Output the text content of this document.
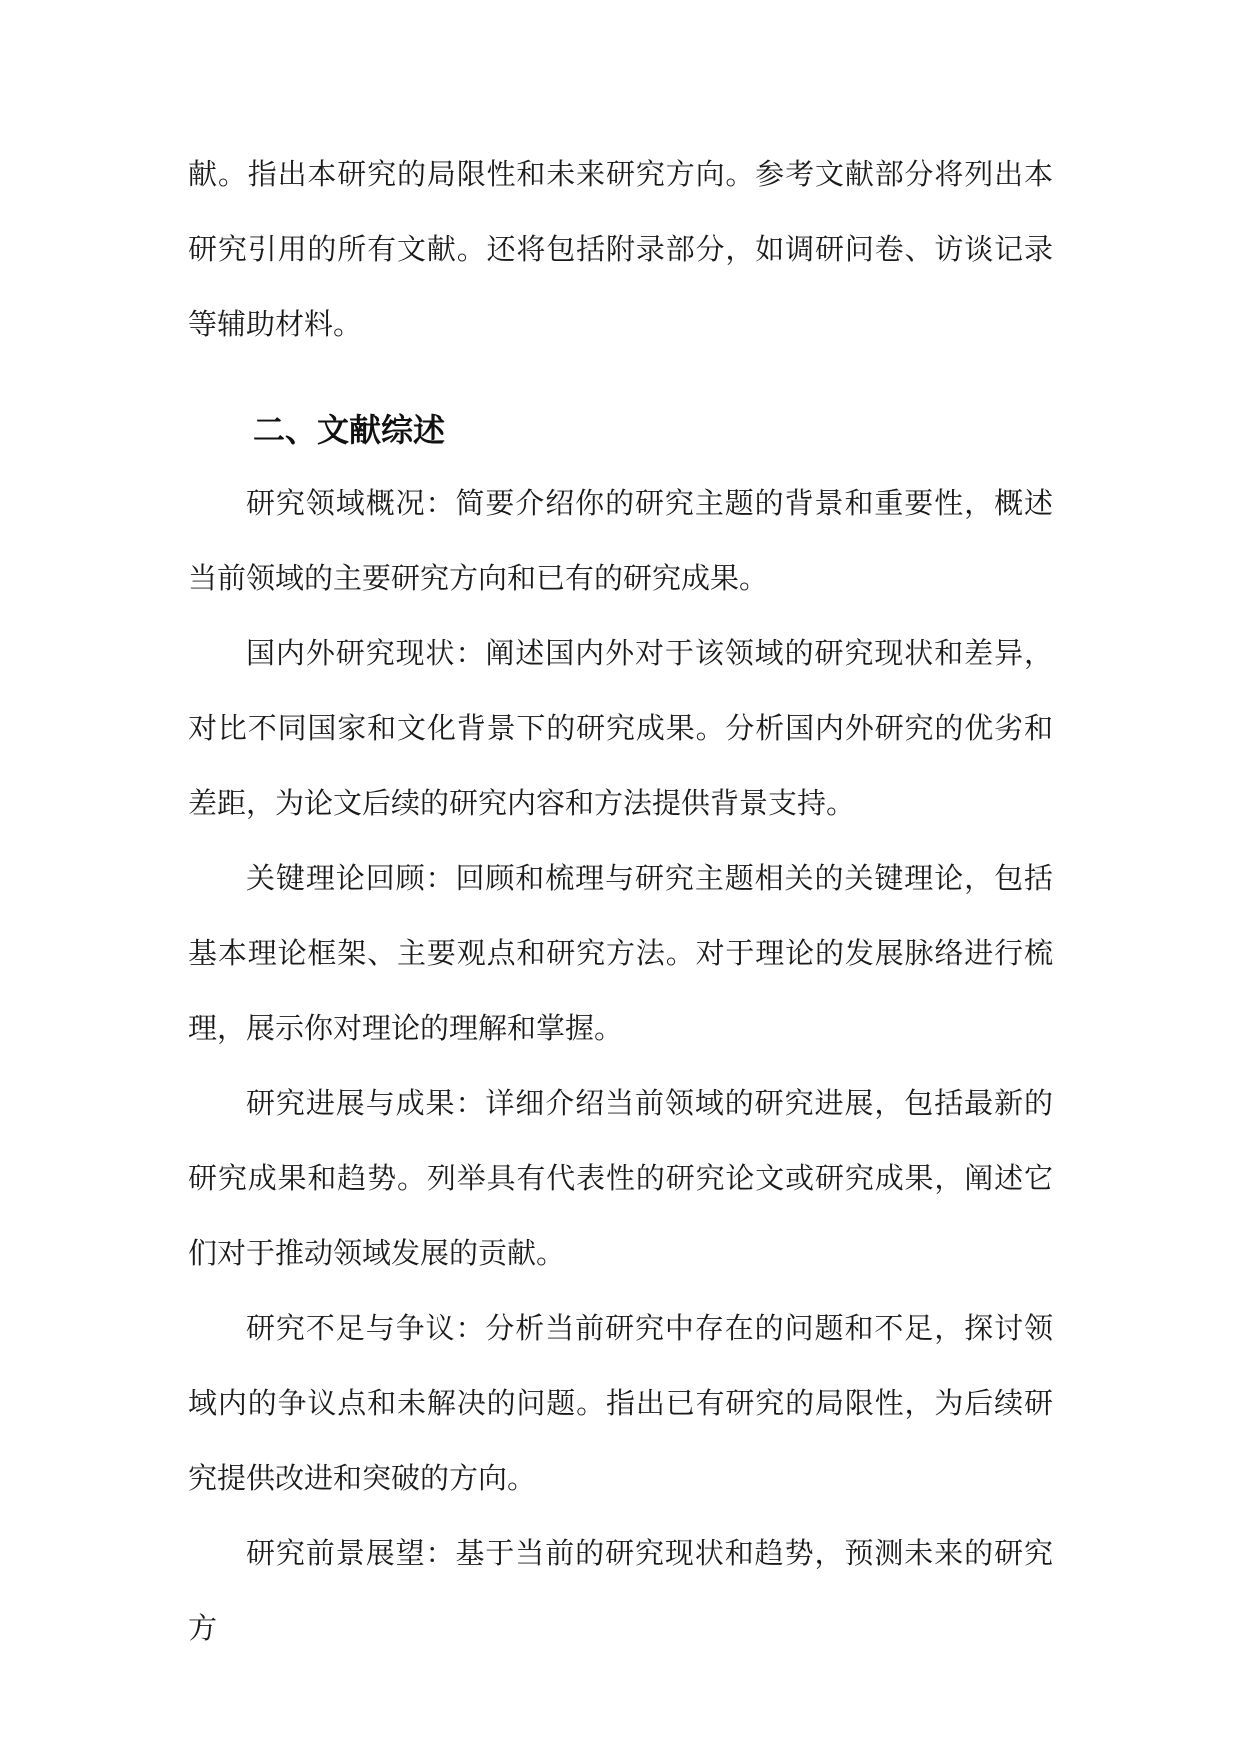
献。指出本研究的局限性和未来研究方向。参考文献部分将列出本研究引用的所有文献。还将包括附录部分，如调研问卷、访谈记录等辅助材料。

二、文献综述

研究领域概况：简要介绍你的研究主题的背景和重要性，概述当前领域的主要研究方向和已有的研究成果。

国内外研究现状：阐述国内外对于该领域的研究现状和差异，对比不同国家和文化背景下的研究成果。分析国内外研究的优劣和差距，为论文后续的研究内容和方法提供背景支持。

关键理论回顾：回顾和梳理与研究主题相关的关键理论，包括基本理论框架、主要观点和研究方法。对于理论的发展脉络进行梳理，展示你对理论的理解和掌握。

研究进展与成果：详细介绍当前领域的研究进展，包括最新的研究成果和趋势。列举具有代表性的研究论文或研究成果，阐述它们对于推动领域发展的贡献。

研究不足与争议：分析当前研究中存在的问题和不足，探讨领域内的争议点和未解决的问题。指出已有研究的局限性，为后续研究提供改进和突破的方向。

研究前景展望：基于当前的研究现状和趋势，预测未来的研究方
